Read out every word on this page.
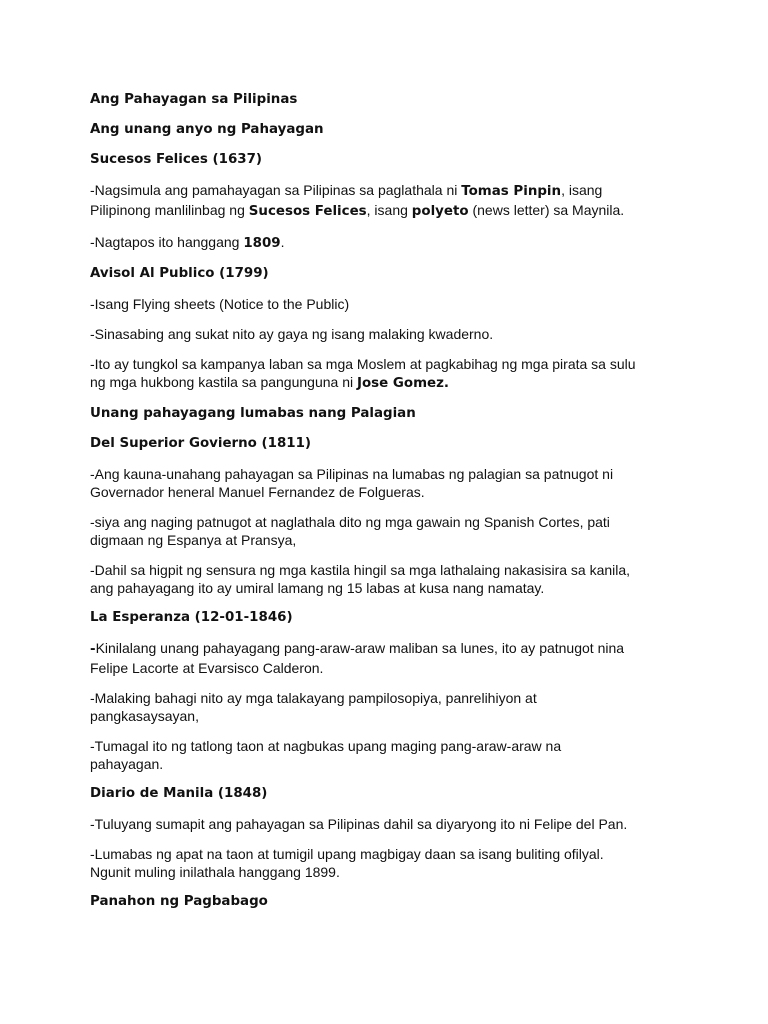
Ang Pahayagan sa Pilipinas
Ang unang anyo ng Pahayagan
Sucesos Felices (1637)
-Nagsimula ang pamahayagan sa Pilipinas sa paglathala ni Tomas Pinpin, isang
Pilipinong manlilinbag ng Sucesos Felices, isang polyeto (news letter) sa Maynila.
-Nagtapos ito hanggang 1809.
Avisol Al Publico (1799)
-Isang Flying sheets (Notice to the Public)
-Sinasabing ang sukat nito ay gaya ng isang malaking kwaderno.
-Ito ay tungkol sa kampanya laban sa mga Moslem at pagkabihag ng mga pirata sa sulu
ng mga hukbong kastila sa pangunguna ni Jose Gomez.
Unang pahayagang lumabas nang Palagian
Del Superior Govierno (1811)
-Ang kauna-unahang pahayagan sa Pilipinas na lumabas ng palagian sa patnugot ni
Governador heneral Manuel Fernandez de Folgueras.
-siya ang naging patnugot at naglathala dito ng mga gawain ng Spanish Cortes, pati
digmaan ng Espanya at Pransya,
-Dahil sa higpit ng sensura ng mga kastila hingil sa mga lathalaing nakasisira sa kanila,
ang pahayagang ito ay umiral lamang ng 15 labas at kusa nang namatay.
La Esperanza (12-01-1846)
-Kinilalang unang pahayagang pang-araw-araw maliban sa lunes, ito ay patnugot nina
Felipe Lacorte at Evarsisco Calderon.
-Malaking bahagi nito ay mga talakayang pampilosopiya, panrelihiyon at
pangkasaysayan,
-Tumagal ito ng tatlong taon at nagbukas upang maging pang-araw-araw na
pahayagan.
Diario de Manila (1848)
-Tuluyang sumapit ang pahayagan sa Pilipinas dahil sa diyaryong ito ni Felipe del Pan.
-Lumabas ng apat na taon at tumigil upang magbigay daan sa isang buliting ofilyal.
Ngunit muling inilathala hanggang 1899.
Panahon ng Pagbabago
